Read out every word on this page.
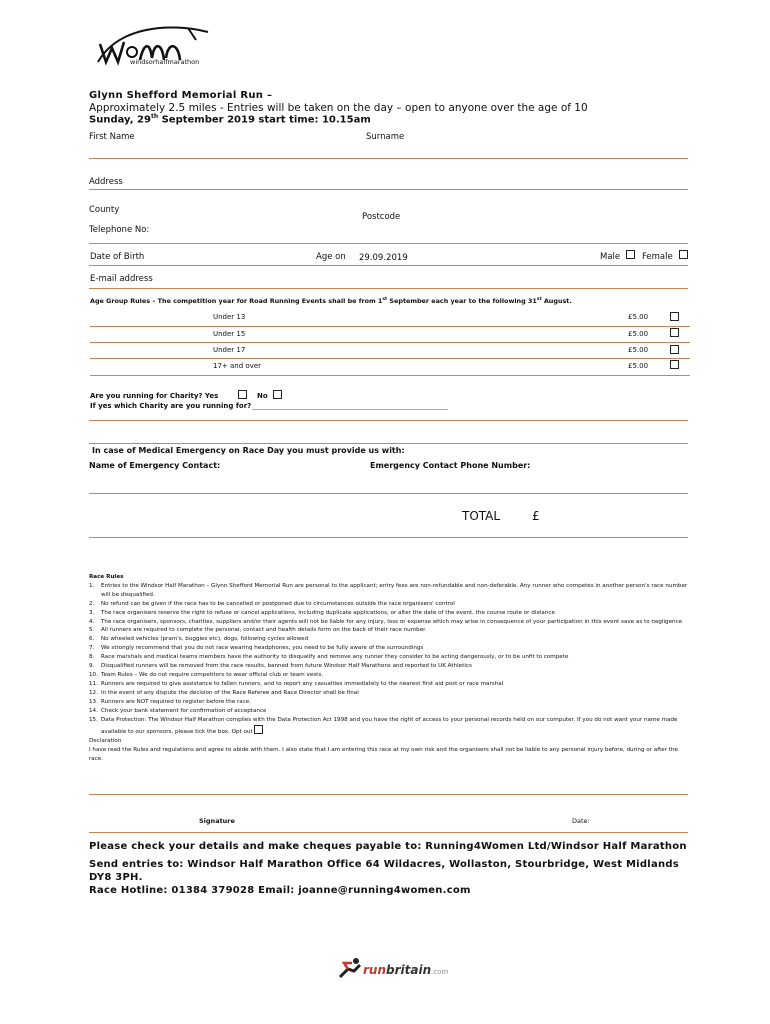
windsorhalfmarathon
Glynn Shefford Memorial Run –
Approximately 2.5 miles - Entries will be taken on the day – open to anyone over the age of 10
Sunday, 29th September 2019 start time: 10.15am
First Name	Surname
Address
County
Postcode
Telephone No:
Date of Birth	Age on 29.09.2019	Male	Female
E-mail address
Age Group Rules – The competition year for Road Running Events shall be from 1st September each year to the following 31st August.
Under 13	£5.00
Under 15	£5.00
Under 17	£5.00
17+ and over	£5.00
Are you running for Charity? Yes	No
If yes which Charity are you running for? ________________________________________________________
In case of Medical Emergency on Race Day you must provide us with:
Name of Emergency Contact:	Emergency Contact Phone Number:
TOTAL	£
Race Rules
1. Entries to the Windsor Half Marathon – Glynn Shefford Memorial Run are personal to the applicant; entry fees are non-refundable and non-deferable. Any runner who competes in another person's race number will be disqualified.
2. No refund can be given if the race has to be cancelled or postponed due to circumstances outside the race organisers' control
3. The race organisers reserve the right to refuse or cancel applications, including duplicate applications, or alter the date of the event, the course route or distance
4. The race organisers, sponsors, charities, suppliers and/or their agents will not be liable for any injury, loss or expense which may arise in consequence of your participation in this event save as to negligence
5. All runners are required to complete the personal, contact and health details form on the back of their race number.
6. No wheeled vehicles (pram's, buggies etc), dogs, following cycles allowed
7. We strongly recommend that you do not race wearing headphones, you need to be fully aware of the surroundings
8. Race marshals and medical teams members have the authority to disqualify and remove any runner they consider to be acting dangerously, or to be unfit to compete
9. Disqualified runners will be removed from the race results, banned from future Windsor Half Marathons and reported to UK Athletics
10. Team Rules – We do not require competitors to wear official club or team vests.
11. Runners are required to give assistance to fallen runners, and to report any casualties immediately to the nearest first aid post or race marshal
12. In the event of any dispute the decision of the Race Referee and Race Director shall be final
13. Runners are NOT required to register before the race.
14. Check your bank statement for confirmation of acceptance
15. Data Protection: The Windsor Half Marathon complies with the Data Protection Act 1998 and you have the right of access to your personal records held on our computer. If you do not want your name made available to our sponsors, please tick the box. Opt out
Declaration
I have read the Rules and regulations and agree to abide with them. I also state that I am entering this race at my own risk and the organisers shall not be liable to any personal injury before, during or after the race.
Signature	Date:
Please check your details and make cheques payable to: Running4Women Ltd/Windsor Half Marathon
Send entries to: Windsor Half Marathon Office 64 Wildacres, Wollaston, Stourbridge, West Midlands
DY8 3PH.
Race Hotline: 01384 379028 Email: joanne@running4women.com
runbritain.com
